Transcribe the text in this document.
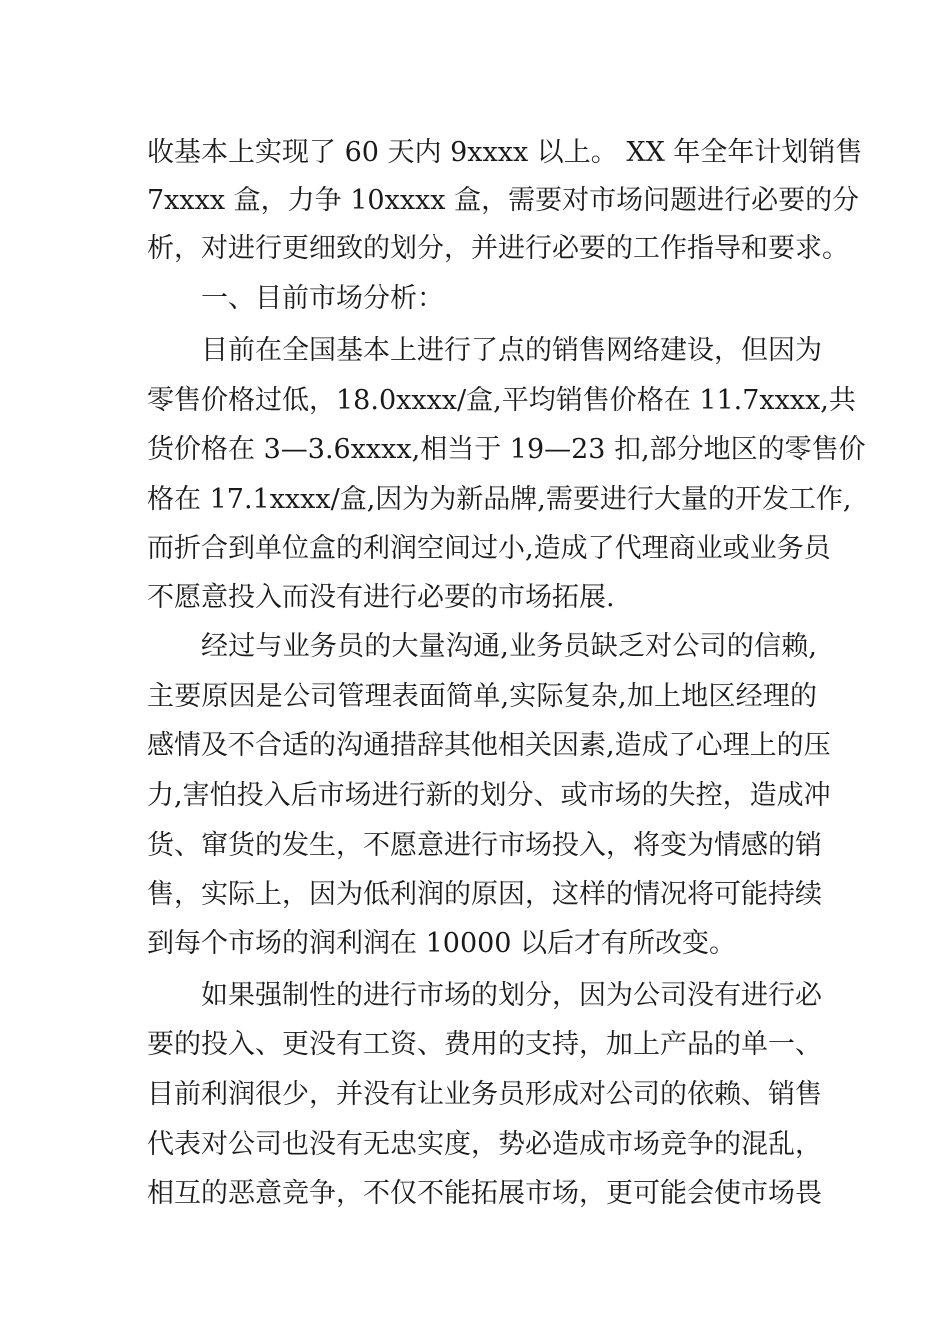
收基本上实现了 60 天内 9xxxx 以上。 XX 年全年计划销售
7xxxx 盒，力争 10xxxx 盒，需要对市场问题进行必要的分
析，对进行更细致的划分，并进行必要的工作指导和要求。
一、目前市场分析：
目前在全国基本上进行了点的销售网络建设，但因为
零售价格过低，18.0xxxx/盒,平均销售价格在 11.7xxxx,共
货价格在 3—3.6xxxx,相当于 19—23 扣,部分地区的零售价
格在 17.1xxxx/盒,因为为新品牌,需要进行大量的开发工作,
而折合到单位盒的利润空间过小,造成了代理商业或业务员
不愿意投入而没有进行必要的市场拓展.
经过与业务员的大量沟通,业务员缺乏对公司的信赖,
主要原因是公司管理表面简单,实际复杂,加上地区经理的
感情及不合适的沟通措辞其他相关因素,造成了心理上的压
力,害怕投入后市场进行新的划分、或市场的失控，造成冲
货、窜货的发生，不愿意进行市场投入，将变为情感的销
售，实际上，因为低利润的原因，这样的情况将可能持续
到每个市场的润利润在 10000 以后才有所改变。
如果强制性的进行市场的划分，因为公司没有进行必
要的投入、更没有工资、费用的支持，加上产品的单一、
目前利润很少，并没有让业务员形成对公司的依赖、销售
代表对公司也没有无忠实度，势必造成市场竞争的混乱，
相互的恶意竞争，不仅不能拓展市场，更可能会使市场畏
